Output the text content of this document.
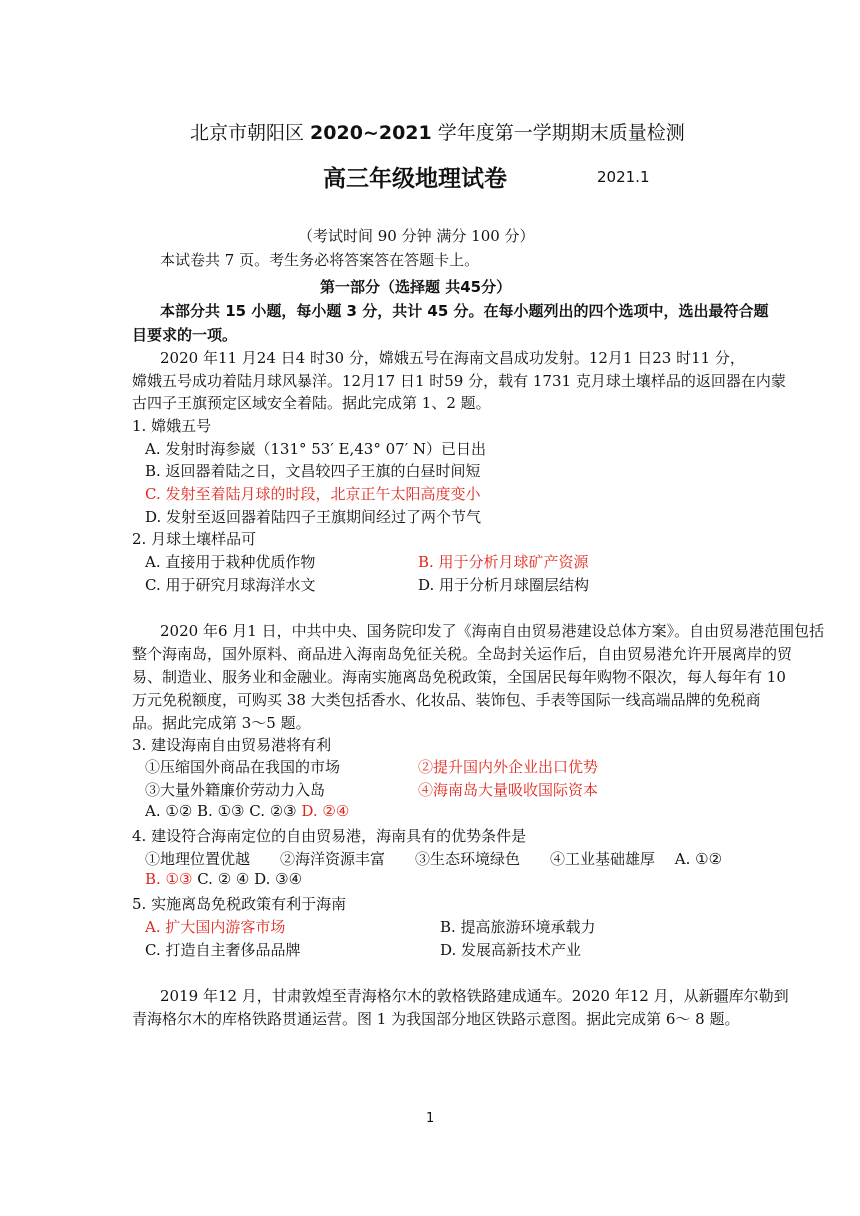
北京市朝阳区 2020~2021 学年度第一学期期末质量检测
高三年级地理试卷	2021.1
（考试时间 90 分钟 满分 100 分）
本试卷共 7 页。考生务必将答案答在答题卡上。
第一部分（选择题 共45分）
本部分共 15 小题，每小题 3 分，共计 45 分。在每小题列出的四个选项中，选出最符合题
目要求的一项。
2020 年11 月24 日4 时30 分，嫦娥五号在海南文昌成功发射。12月1 日23 时11 分，
嫦娥五号成功着陆月球风暴洋。12月17 日1 时59 分，载有 1731 克月球土壤样品的返回器在内蒙
古四子王旗预定区域安全着陆。据此完成第 1、2 题。
1. 嫦娥五号
A. 发射时海参崴（131° 53′ E,43° 07′ N）已日出
B. 返回器着陆之日，文昌较四子王旗的白昼时间短
C. 发射至着陆月球的时段，北京正午太阳高度变小
D. 发射至返回器着陆四子王旗期间经过了两个节气
2. 月球土壤样品可
A. 直接用于栽种优质作物	B. 用于分析月球矿产资源
C. 用于研究月球海洋水文	D. 用于分析月球圈层结构
2020 年6 月1 日，中共中央、国务院印发了《海南自由贸易港建设总体方案》。自由贸易港范围包括
整个海南岛，国外原料、商品进入海南岛免征关税。全岛封关运作后，自由贸易港允许开展离岸的贸
易、制造业、服务业和金融业。海南实施离岛免税政策，全国居民每年购物不限次，每人每年有 10
万元免税额度，可购买 38 大类包括香水、化妆品、装饰包、手表等国际一线高端品牌的免税商
品。据此完成第 3～5 题。
3. 建设海南自由贸易港将有利
①压缩国外商品在我国的市场	②提升国内外企业出口优势
③大量外籍廉价劳动力入岛	④海南岛大量吸收国际资本
A. ①② B. ①③ C. ②③ D. ②④
4. 建设符合海南定位的自由贸易港，海南具有的优势条件是
①地理位置优越　　②海洋资源丰富　　③生态环境绿色　　④工业基础雄厚　 A. ①②
B. ①③ C. ② ④ D. ③④
5. 实施离岛免税政策有利于海南
A. 扩大国内游客市场	B. 提高旅游环境承载力
C. 打造自主奢侈品品牌	D. 发展高新技术产业
2019 年12 月，甘肃敦煌至青海格尔木的敦格铁路建成通车。2020 年12 月，从新疆库尔勒到
青海格尔木的库格铁路贯通运营。图 1 为我国部分地区铁路示意图。据此完成第 6～ 8 题。
1
